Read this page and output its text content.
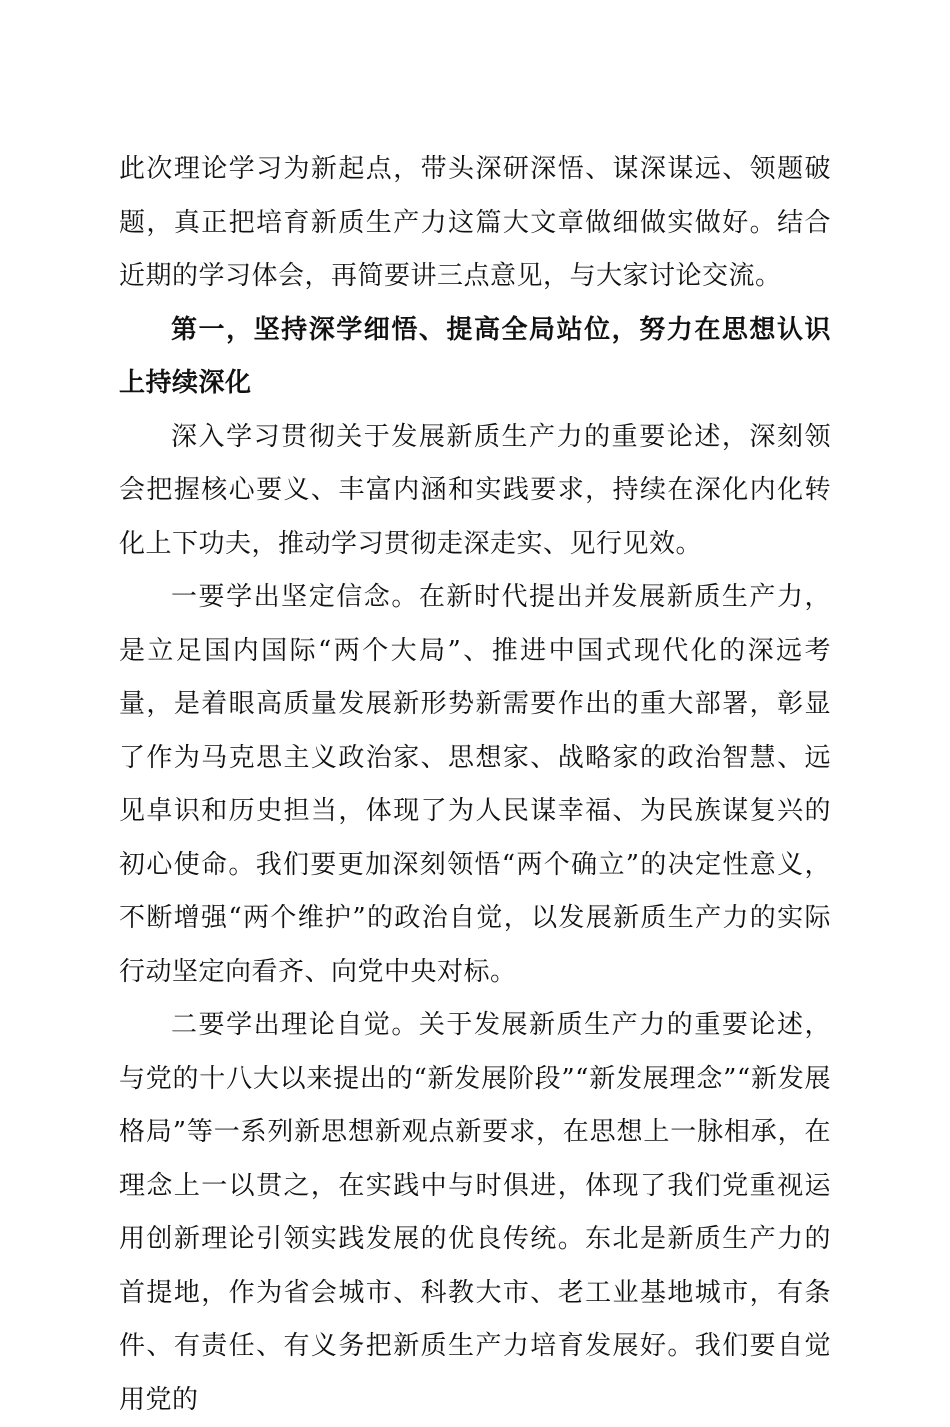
此次理论学习为新起点，带头深研深悟、谋深谋远、领题破题，真正把培育新质生产力这篇大文章做细做实做好。结合近期的学习体会，再简要讲三点意见，与大家讨论交流。

第一，坚持深学细悟、提高全局站位，努力在思想认识上持续深化

深入学习贯彻关于发展新质生产力的重要论述，深刻领会把握核心要义、丰富内涵和实践要求，持续在深化内化转化上下功夫，推动学习贯彻走深走实、见行见效。

一要学出坚定信念。在新时代提出并发展新质生产力，是立足国内国际“两个大局”、推进中国式现代化的深远考量，是着眼高质量发展新形势新需要作出的重大部署，彰显了作为马克思主义政治家、思想家、战略家的政治智慧、远见卓识和历史担当，体现了为人民谋幸福、为民族谋复兴的初心使命。我们要更加深刻领悟“两个确立”的决定性意义，不断增强“两个维护”的政治自觉，以发展新质生产力的实际行动坚定向看齐、向党中央对标。

二要学出理论自觉。关于发展新质生产力的重要论述，与党的十八大以来提出的“新发展阶段”“新发展理念”“新发展格局”等一系列新思想新观点新要求，在思想上一脉相承，在理念上一以贯之，在实践中与时俱进，体现了我们党重视运用创新理论引领实践发展的优良传统。东北是新质生产力的首提地，作为省会城市、科教大市、老工业基地城市，有条件、有责任、有义务把新质生产力培育发展好。我们要自觉用党的
